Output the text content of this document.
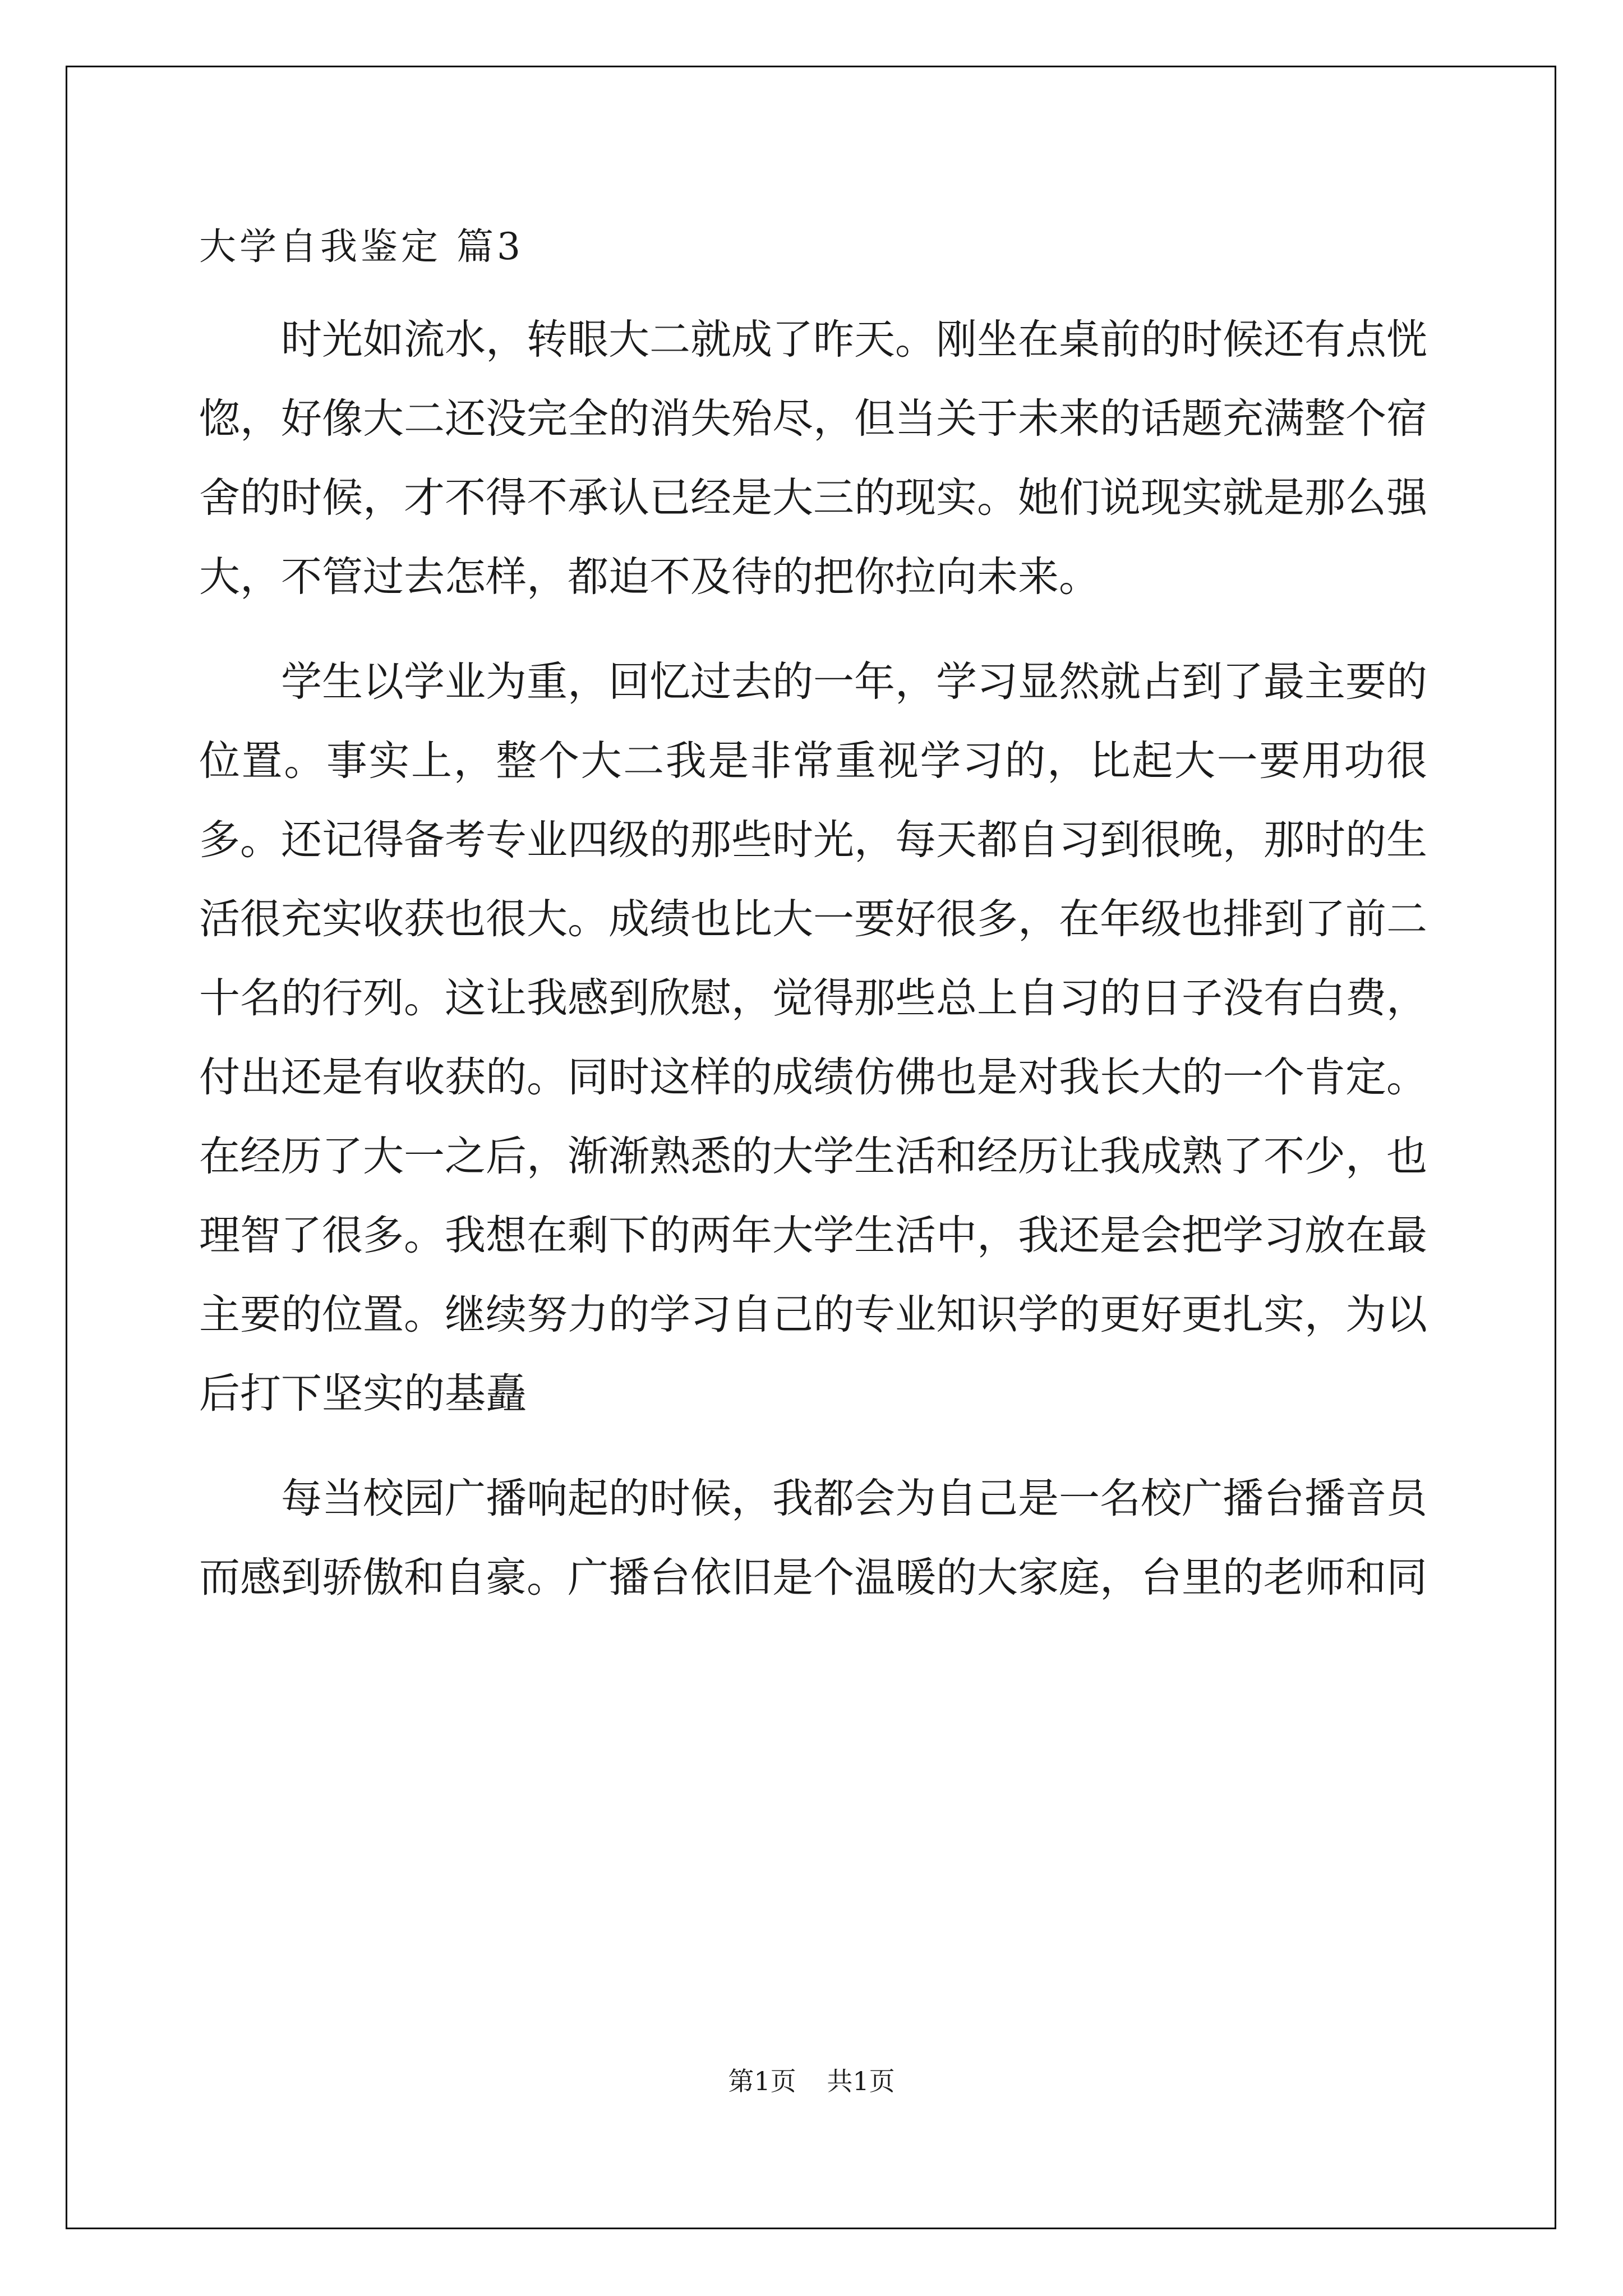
大学自我鉴定 篇3

时光如流水，转眼大二就成了昨天。刚坐在桌前的时候还有点恍惚，好像大二还没完全的消失殆尽，但当关于未来的话题充满整个宿舍的时候，才不得不承认已经是大三的现实。她们说现实就是那么强大，不管过去怎样，都迫不及待的把你拉向未来。

学生以学业为重，回忆过去的一年，学习显然就占到了最主要的位置。事实上，整个大二我是非常重视学习的，比起大一要用功很多。还记得备考专业四级的那些时光，每天都自习到很晚，那时的生活很充实收获也很大。成绩也比大一要好很多，在年级也排到了前二十名的行列。这让我感到欣慰，觉得那些总上自习的日子没有白费，付出还是有收获的。同时这样的成绩仿佛也是对我长大的一个肯定。在经历了大一之后，渐渐熟悉的大学生活和经历让我成熟了不少，也理智了很多。我想在剩下的两年大学生活中，我还是会把学习放在最主要的位置。继续努力的学习自己的专业知识学的更好更扎实，为以后打下坚实的基矗

每当校园广播响起的时候，我都会为自己是一名校广播台播音员而感到骄傲和自豪。广播台依旧是个温暖的大家庭，台里的老师和同

第1页 共1页
